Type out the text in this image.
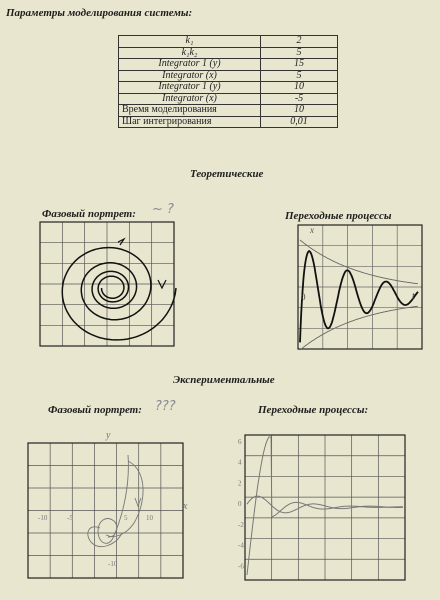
Параметры моделирования системы:
k₁	2
k₁k₂	5
Integrator 1 (y)	15
Integrator (x)	5
Integrator 1 (y)	10
Integrator (x)	-5
Время моделирования	10
Шаг интегрирования	0,01
Теоретические
Фазовый портрет: ~ ?	Переходные процессы
x
t
0
Экспериментальные
Фазовый портрет: ???	Переходные процессы:
y
x
-10	-5	5	10
-10
6
4
2
0
-2
-4
-6
